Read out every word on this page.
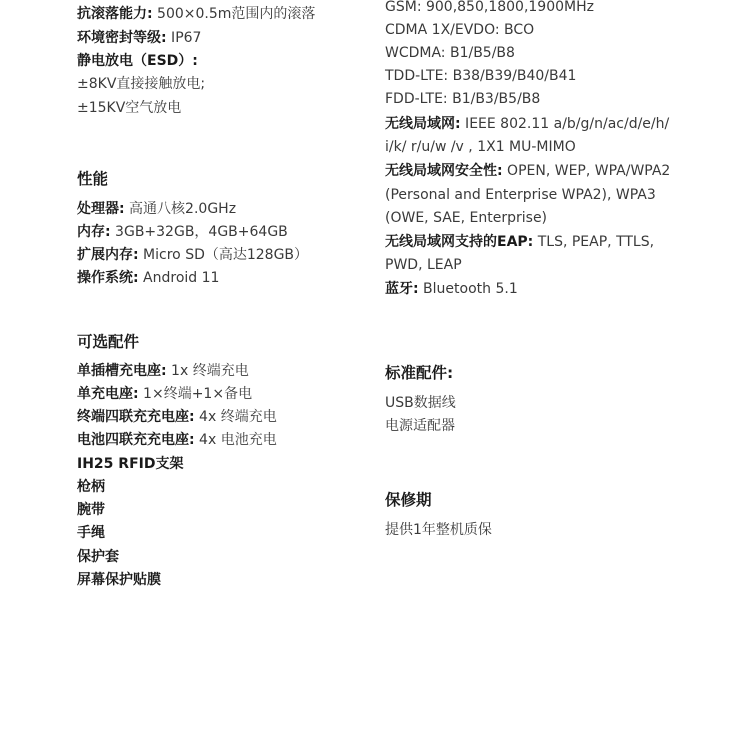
抗滚落能力: 500×0.5m范围内的滚落
环境密封等级: IP67
静电放电（ESD）:
±8KV直接接触放电;
±15KV空气放电
性能
处理器: 高通八核2.0GHz
内存: 3GB+32GB，4GB+64GB
扩展内存: Micro SD（高达128GB）
操作系统: Android 11
可选配件
单插槽充电座: 1x 终端充电
单充电座: 1×终端+1×备电
终端四联充充电座: 4x 终端充电
电池四联充充电座: 4x 电池充电
IH25 RFID支架
枪柄
腕带
手绳
保护套
屏幕保护贴膜
GSM: 900,850,1800,1900MHz
CDMA 1X/EVDO: BCO
WCDMA: B1/B5/B8
TDD-LTE: B38/B39/B40/B41
FDD-LTE: B1/B3/B5/B8
无线局域网: IEEE 802.11 a/b/g/n/ac/d/e/h/
i/k/ r/u/w /v , 1X1 MU-MIMO
无线局域网安全性: OPEN, WEP, WPA/WPA2
(Personal and Enterprise WPA2), WPA3
(OWE, SAE, Enterprise)
无线局域网支持的EAP: TLS, PEAP, TTLS,
PWD, LEAP
蓝牙: Bluetooth 5.1
标准配件:
USB数据线
电源适配器
保修期
提供1年整机质保
